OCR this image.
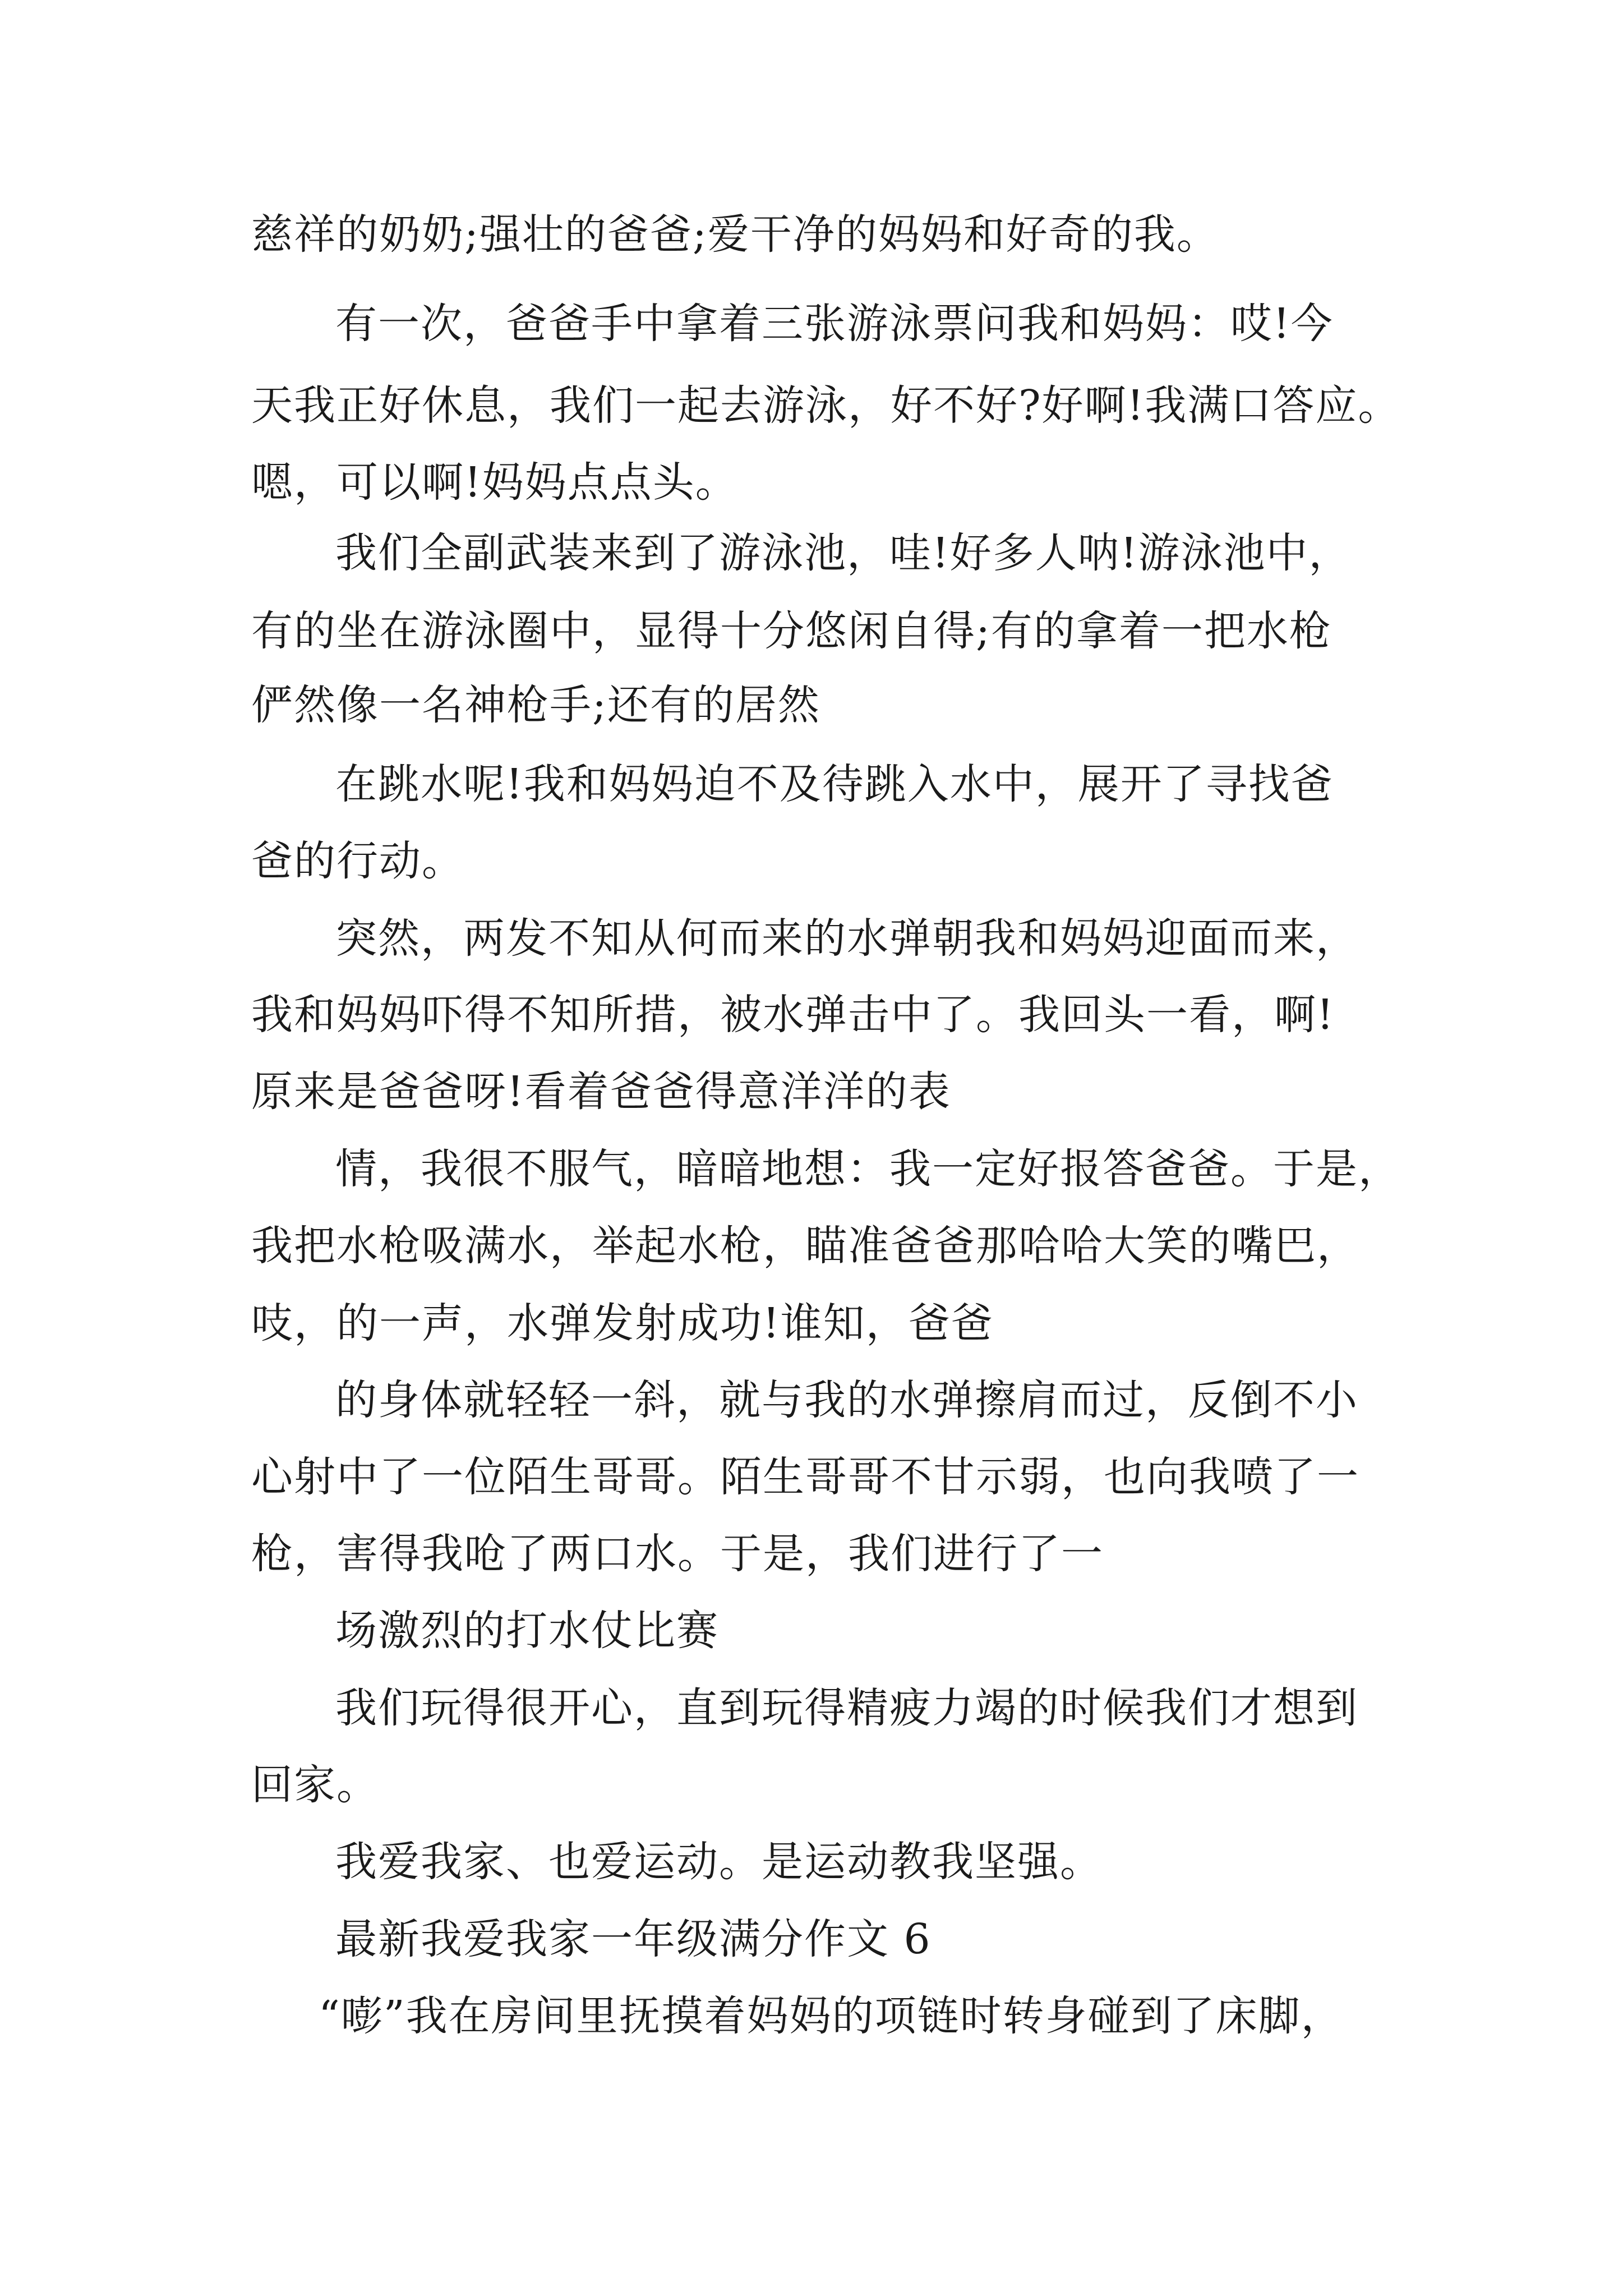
慈祥的奶奶;强壮的爸爸;爱干净的妈妈和好奇的我。

有一次，爸爸手中拿着三张游泳票问我和妈妈：哎!今

天我正好休息，我们一起去游泳，好不好?好啊!我满口答应。

嗯，可以啊!妈妈点点头。

我们全副武装来到了游泳池，哇!好多人呐!游泳池中，

有的坐在游泳圈中，显得十分悠闲自得;有的拿着一把水枪

俨然像一名神枪手;还有的居然

在跳水呢!我和妈妈迫不及待跳入水中，展开了寻找爸

爸的行动。

突然，两发不知从何而来的水弹朝我和妈妈迎面而来，

我和妈妈吓得不知所措，被水弹击中了。我回头一看，啊!

原来是爸爸呀!看着爸爸得意洋洋的表

情，我很不服气，暗暗地想：我一定好报答爸爸。于是，

我把水枪吸满水，举起水枪，瞄准爸爸那哈哈大笑的嘴巴，

吱，的一声，水弹发射成功!谁知，爸爸

的身体就轻轻一斜，就与我的水弹擦肩而过，反倒不小

心射中了一位陌生哥哥。陌生哥哥不甘示弱，也向我喷了一

枪，害得我呛了两口水。于是，我们进行了一

场激烈的打水仗比赛

我们玩得很开心，直到玩得精疲力竭的时候我们才想到

回家。

我爱我家、也爱运动。是运动教我坚强。

最新我爱我家一年级满分作文 6

“嘭”我在房间里抚摸着妈妈的项链时转身碰到了床脚，
